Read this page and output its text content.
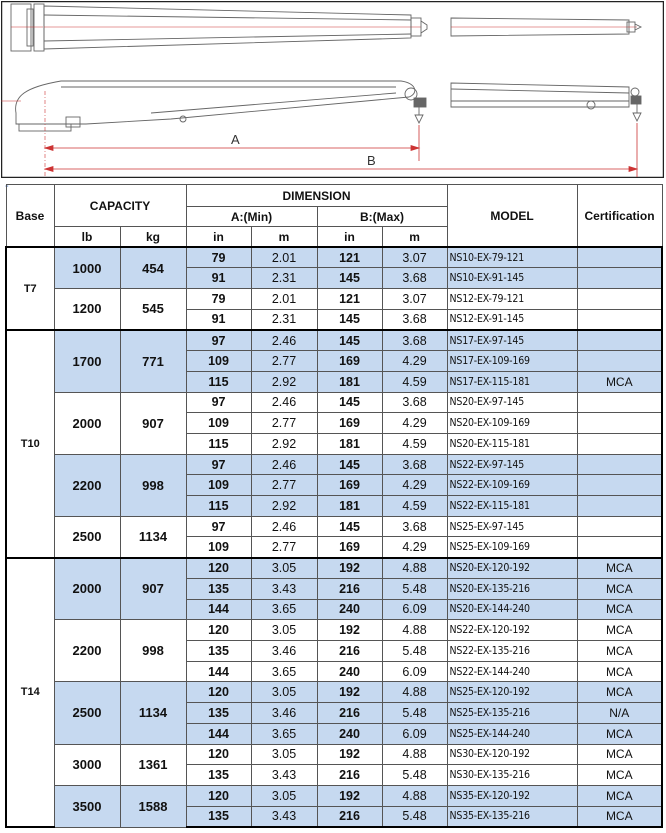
A
B
-
Base	CAPACITY		DIMENSION				MODEL	Certification
			A:(Min)		B:(Max)			
	lb	kg	in	m	in	m		
T7	1000	454	79	2.01	121	3.07	NS10-EX-79-121	
			91	2.31	145	3.68	NS10-EX-91-145	
	1200	545	79	2.01	121	3.07	NS12-EX-79-121	
			91	2.31	145	3.68	NS12-EX-91-145	
T10	1700	771	97	2.46	145	3.68	NS17-EX-97-145	
			109	2.77	169	4.29	NS17-EX-109-169	
			115	2.92	181	4.59	NS17-EX-115-181	MCA
	2000	907	97	2.46	145	3.68	NS20-EX-97-145	
			109	2.77	169	4.29	NS20-EX-109-169	
			115	2.92	181	4.59	NS20-EX-115-181	
	2200	998	97	2.46	145	3.68	NS22-EX-97-145	
			109	2.77	169	4.29	NS22-EX-109-169	
			115	2.92	181	4.59	NS22-EX-115-181	
	2500	1134	97	2.46	145	3.68	NS25-EX-97-145	
			109	2.77	169	4.29	NS25-EX-109-169	
T14	2000	907	120	3.05	192	4.88	NS20-EX-120-192	MCA
			135	3.43	216	5.48	NS20-EX-135-216	MCA
			144	3.65	240	6.09	NS20-EX-144-240	MCA
	2200	998	120	3.05	192	4.88	NS22-EX-120-192	MCA
			135	3.46	216	5.48	NS22-EX-135-216	MCA
			144	3.65	240	6.09	NS22-EX-144-240	MCA
	2500	1134	120	3.05	192	4.88	NS25-EX-120-192	MCA
			135	3.46	216	5.48	NS25-EX-135-216	N/A
			144	3.65	240	6.09	NS25-EX-144-240	MCA
	3000	1361	120	3.05	192	4.88	NS30-EX-120-192	MCA
			135	3.43	216	5.48	NS30-EX-135-216	MCA
	3500	1588	120	3.05	192	4.88	NS35-EX-120-192	MCA
			135	3.43	216	5.48	NS35-EX-135-216	MCA
